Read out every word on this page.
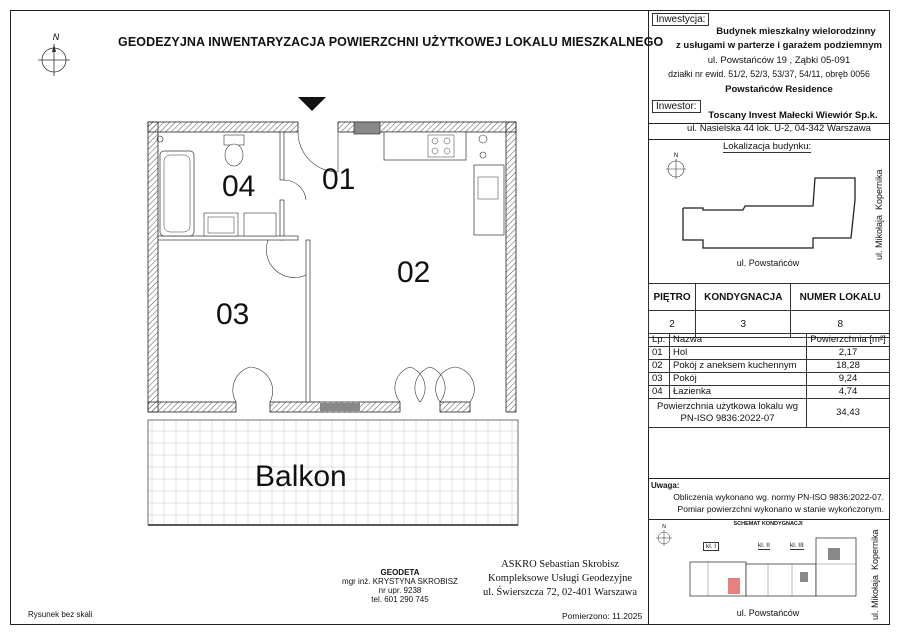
N	GEODEZYJNA INWENTARYZACJA POWIERZCHNI UŻYTKOWEJ LOKALU MIESZKALNEGO
04 01
02
03
Balkon
Inwestycja:
Budynek mieszkalny wielorodzinny
z usługami w parterze i garażem podziemnym
ul. Powstańców 19 , Ząbki 05-091
działki nr ewid. 51/2, 52/3, 53/37, 54/11, obręb 0056
Powstańców Residence
Inwestor:
Toscany Invest Małecki Wiewiór Sp.k.
ul. Nasielska 44 lok. U-2, 04-342 Warszawa
Lokalizacja budynku:
N
ul. Powstańców
ul. Mikołaja
Kopernika
PIĘTRO	KONDYGNACJA	NUMER LOKALU
2	3	8
Lp.	Nazwa	Powierzchnia [m²]
01	Hol	2,17
02	Pokój z aneksem kuchennym	18,28
03	Pokój	9,24
04	Łazienka	4,74

Powierzchnia użytkowa lokalu wg
PN-ISO 9836:2022-07		34,43
Uwaga:
Obliczenia wykonano wg. normy PN-ISO 9836:2022-07.
Pomiar powierzchni wykonano w stanie wykończonym.
N	SCHEMAT KONDYGNACJI
kl. I	kl. II	kl. III
ul. Powstańców
Kopernika
ul. Mikołaja
GEODETA
mgr inż. KRYSTYNA SKROBISZ
nr upr. 9238
tel. 601 290 745
ASKRO Sebastian Skrobisz
Kompleksowe Usługi Geodezyjne
ul. Świerszcza 72, 02-401 Warszawa
Pomierzono: 11.2025
Rysunek bez skali
